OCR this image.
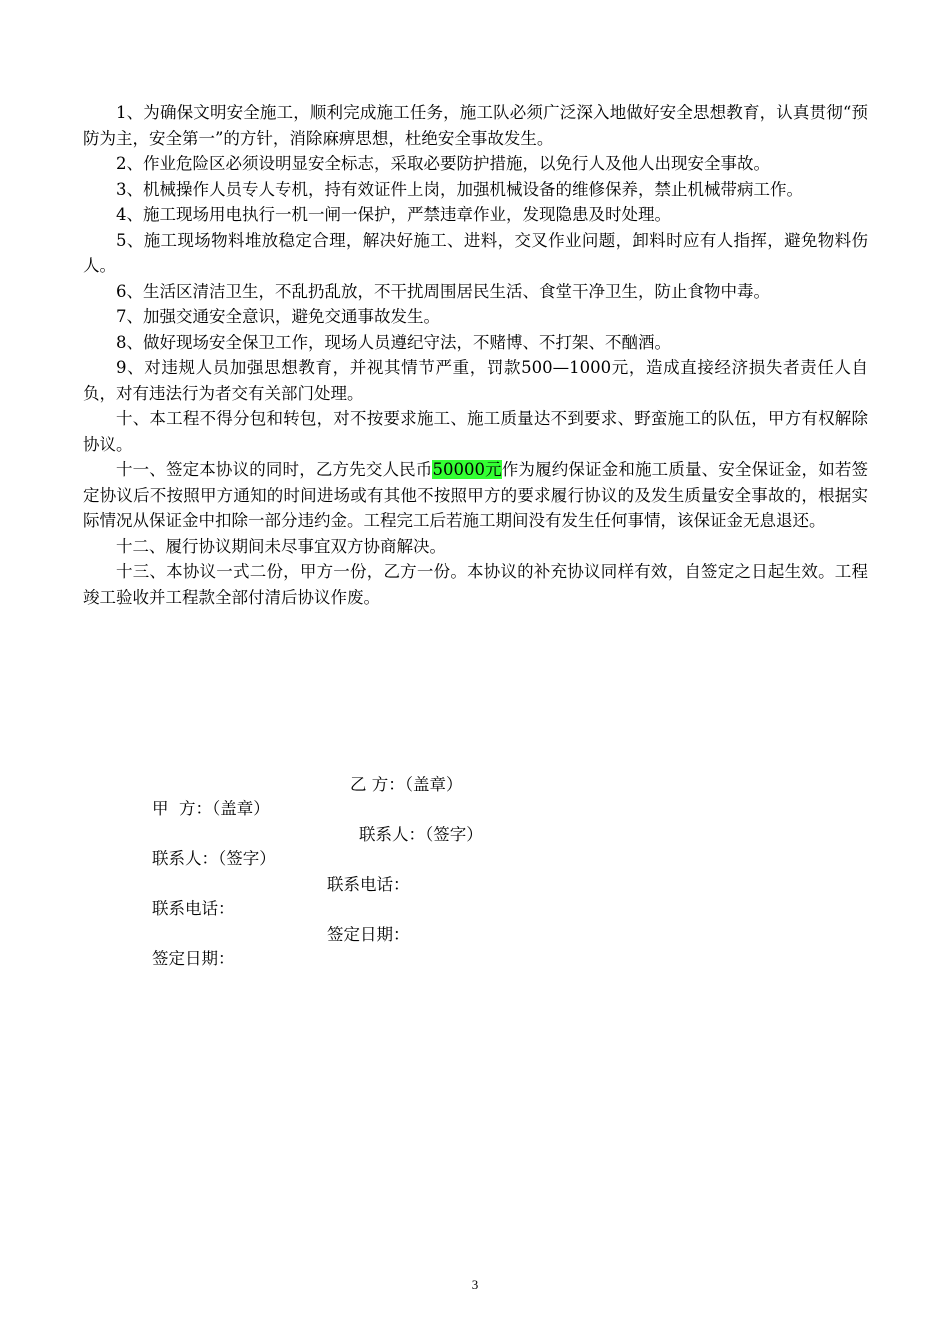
1、为确保文明安全施工，顺利完成施工任务，施工队必须广泛深入地做好安全思想教育，认真贯彻“预防为主，安全第一”的方针，消除麻痹思想，杜绝安全事故发生。

2、作业危险区必须设明显安全标志，采取必要防护措施，以免行人及他人出现安全事故。

3、机械操作人员专人专机，持有效证件上岗，加强机械设备的维修保养，禁止机械带病工作。

4、施工现场用电执行一机一闸一保护，严禁违章作业，发现隐患及时处理。

5、施工现场物料堆放稳定合理，解决好施工、进料，交叉作业问题，卸料时应有人指挥，避免物料伤人。

6、生活区清洁卫生，不乱扔乱放，不干扰周围居民生活、食堂干净卫生，防止食物中毒。

7、加强交通安全意识，避免交通事故发生。

8、做好现场安全保卫工作，现场人员遵纪守法，不赌博、不打架、不酗酒。

9、对违规人员加强思想教育，并视其情节严重，罚款500—1000元，造成直接经济损失者责任人自负，对有违法行为者交有关部门处理。

十、本工程不得分包和转包，对不按要求施工、施工质量达不到要求、野蛮施工的队伍，甲方有权解除协议。

十一、签定本协议的同时，乙方先交人民币50000元作为履约保证金和施工质量、安全保证金，如若签定协议后不按照甲方通知的时间进场或有其他不按照甲方的要求履行协议的及发生质量安全事故的，根据实际情况从保证金中扣除一部分违约金。工程完工后若施工期间没有发生任何事情，该保证金无息退还。

十二、履行协议期间未尽事宜双方协商解决。

十三、本协议一式二份，甲方一份，乙方一份。本协议的补充协议同样有效，自签定之日起生效。工程竣工验收并工程款全部付清后协议作废。

甲  方：（盖章）

乙 方：（盖章）

联系人：（签字）

联系人：（签字）

联系电话：

联系电话：

签定日期：

签定日期：

3
